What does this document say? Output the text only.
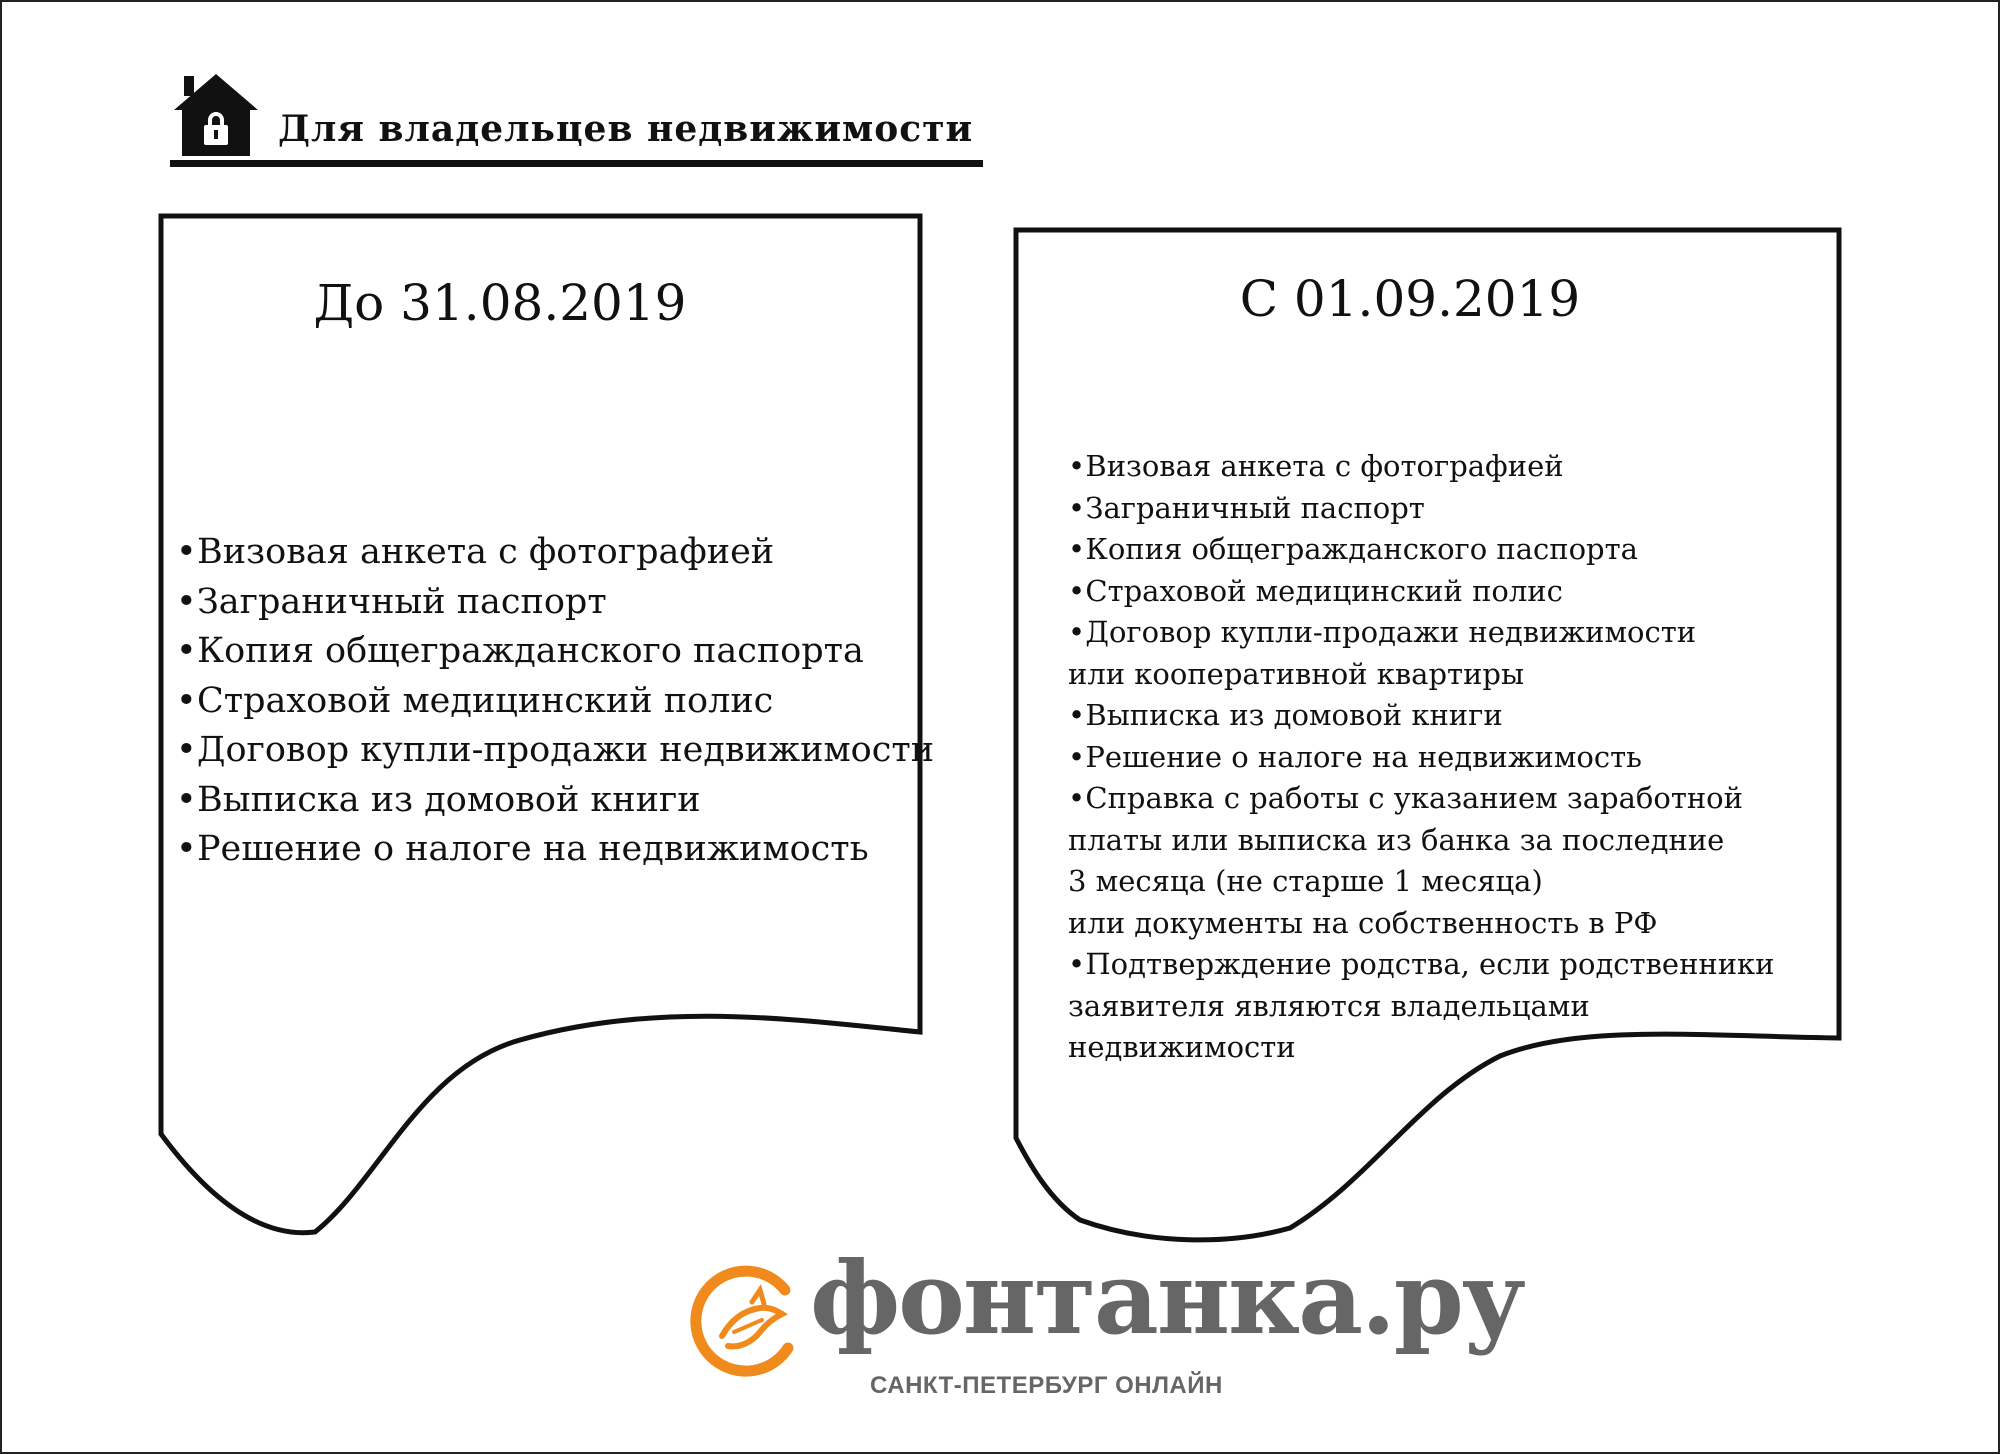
Для владельцев недвижимости
До 31.08.2019	С 01.09.2019
•Визовая анкета с фотографией
•Заграничный паспорт
•Копия общегражданского паспорта
•Страховой медицинский полис
•Договор купли-продажи недвижимости
•Выписка из домовой книги
•Решение о налоге на недвижимость
•Визовая анкета с фотографией
•Заграничный паспорт
•Копия общегражданского паспорта
•Страховой медицинский полис
•Договор купли-продажи недвижимости
или кооперативной квартиры
•Выписка из домовой книги
•Решение о налоге на недвижимость
•Справка с работы с указанием заработной
платы или выписка из банка за последние
3 месяца (не старше 1 месяца)
или документы на собственность в РФ
•Подтверждение родства, если родственники
заявителя являются владельцами
недвижимости
фонтанка.ру
САНКТ-ПЕТЕРБУРГ ОНЛАЙН
